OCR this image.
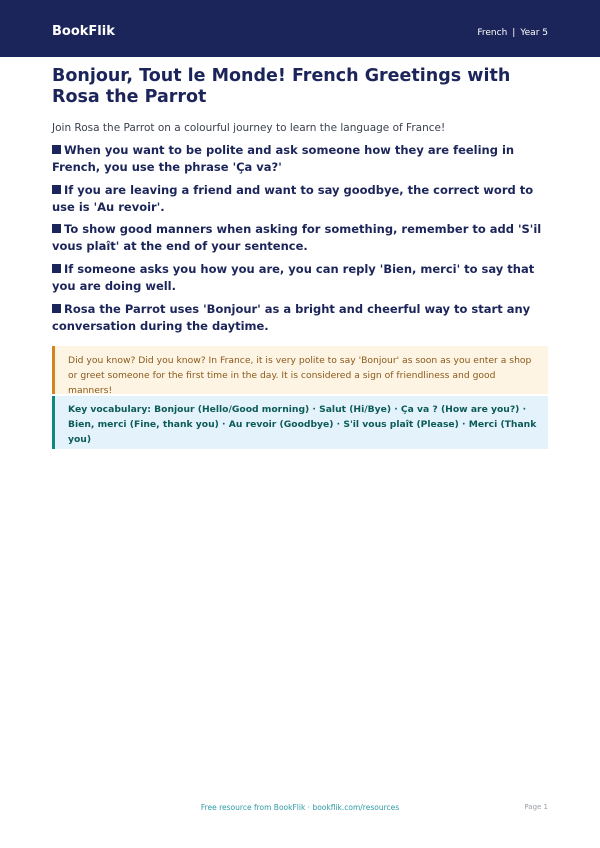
BookFlik	French | Year 5
Bonjour, Tout le Monde! French Greetings with Rosa the Parrot

Join Rosa the Parrot on a colourful journey to learn the language of France!

When you want to be polite and ask someone how they are feeling in French, you use the phrase 'Ça va?'
If you are leaving a friend and want to say goodbye, the correct word to use is 'Au revoir'.
To show good manners when asking for something, remember to add 'S'il vous plaît' at the end of your sentence.
If someone asks you how you are, you can reply 'Bien, merci' to say that you are doing well.
Rosa the Parrot uses 'Bonjour' as a bright and cheerful way to start any conversation during the daytime.
Did you know? Did you know? In France, it is very polite to say 'Bonjour' as soon as you enter a shop or greet someone for the first time in the day. It is considered a sign of friendliness and good manners!
Key vocabulary: Bonjour (Hello/Good morning) · Salut (Hi/Bye) · Ça va ? (How are you?) · Bien, merci (Fine, thank you) · Au revoir (Goodbye) · S'il vous plaît (Please) · Merci (Thank you)
Free resource from BookFlik · bookflik.com/resources	Page 1
